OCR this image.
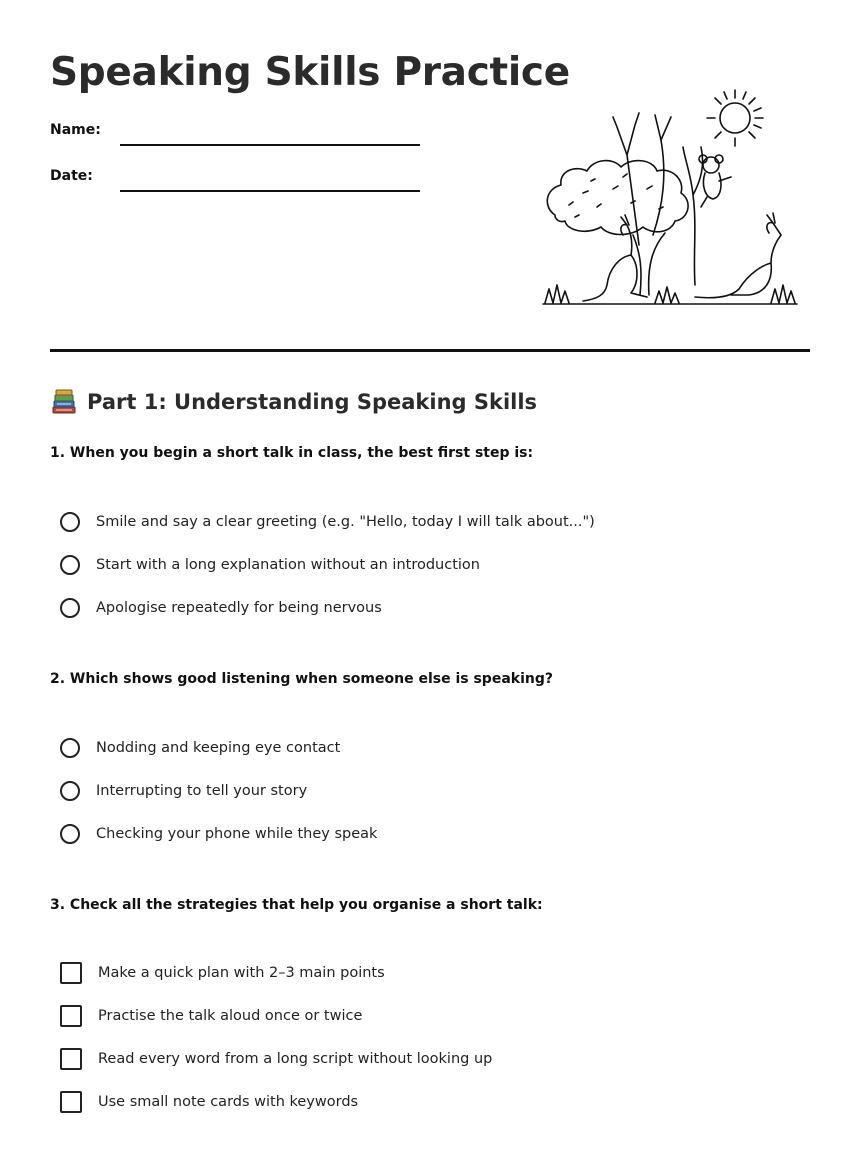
Speaking Skills Practice
Name:
Date:
Part 1: Understanding Speaking Skills

1. When you begin a short talk in class, the best first step is:

Smile and say a clear greeting (e.g. "Hello, today I will talk about...")
Start with a long explanation without an introduction
Apologise repeatedly for being nervous

2. Which shows good listening when someone else is speaking?

Nodding and keeping eye contact
Interrupting to tell your story
Checking your phone while they speak

3. Check all the strategies that help you organise a short talk:

Make a quick plan with 2–3 main points
Practise the talk aloud once or twice
Read every word from a long script without looking up
Use small note cards with keywords
